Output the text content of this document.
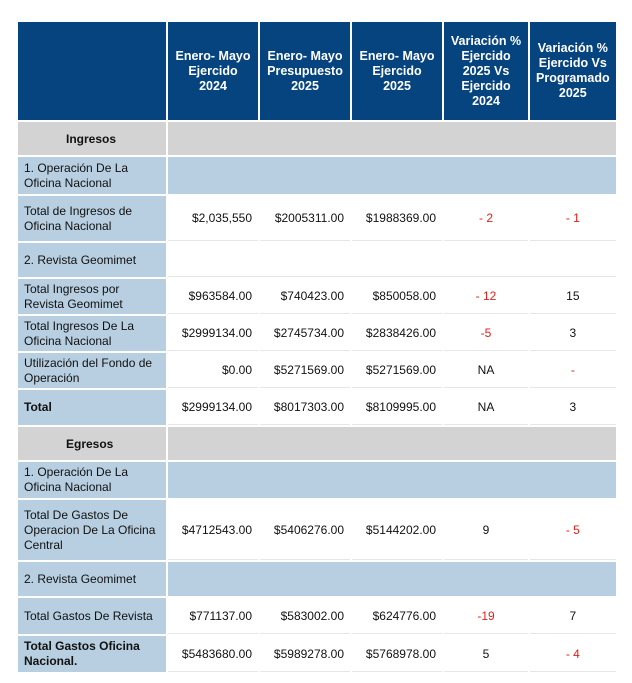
	Enero- Mayo Ejercido 2024	Enero- Mayo Presupuesto 2025	Enero- Mayo Ejercido 2025	Variación % Ejercido 2025 Vs Ejercido 2024	Variación % Ejercido Vs Programado 2025
Ingresos					
1. Operación De La Oficina Nacional					
Total de Ingresos de Oficina Nacional	$2,035,550	$2005311.00	$1988369.00	- 2	- 1
2. Revista Geomimet					
Total Ingresos por Revista Geomimet	$963584.00	$740423.00	$850058.00	- 12	15
Total Ingresos De La Oficina Nacional	$2999134.00	$2745734.00	$2838426.00	-5	3
Utilización del Fondo de Operación	$0.00	$5271569.00	$5271569.00	NA	-
Total	$2999134.00	$8017303.00	$8109995.00	NA	3
Egresos					
1. Operación De La Oficina Nacional					
Total De Gastos De Operacion De La Oficina Central	$4712543.00	$5406276.00	$5144202.00	9	- 5
2. Revista Geomimet					
Total Gastos De Revista	$771137.00	$583002.00	$624776.00	-19	7
Total Gastos Oficina Nacional.	$5483680.00	$5989278.00	$5768978.00	5	- 4
